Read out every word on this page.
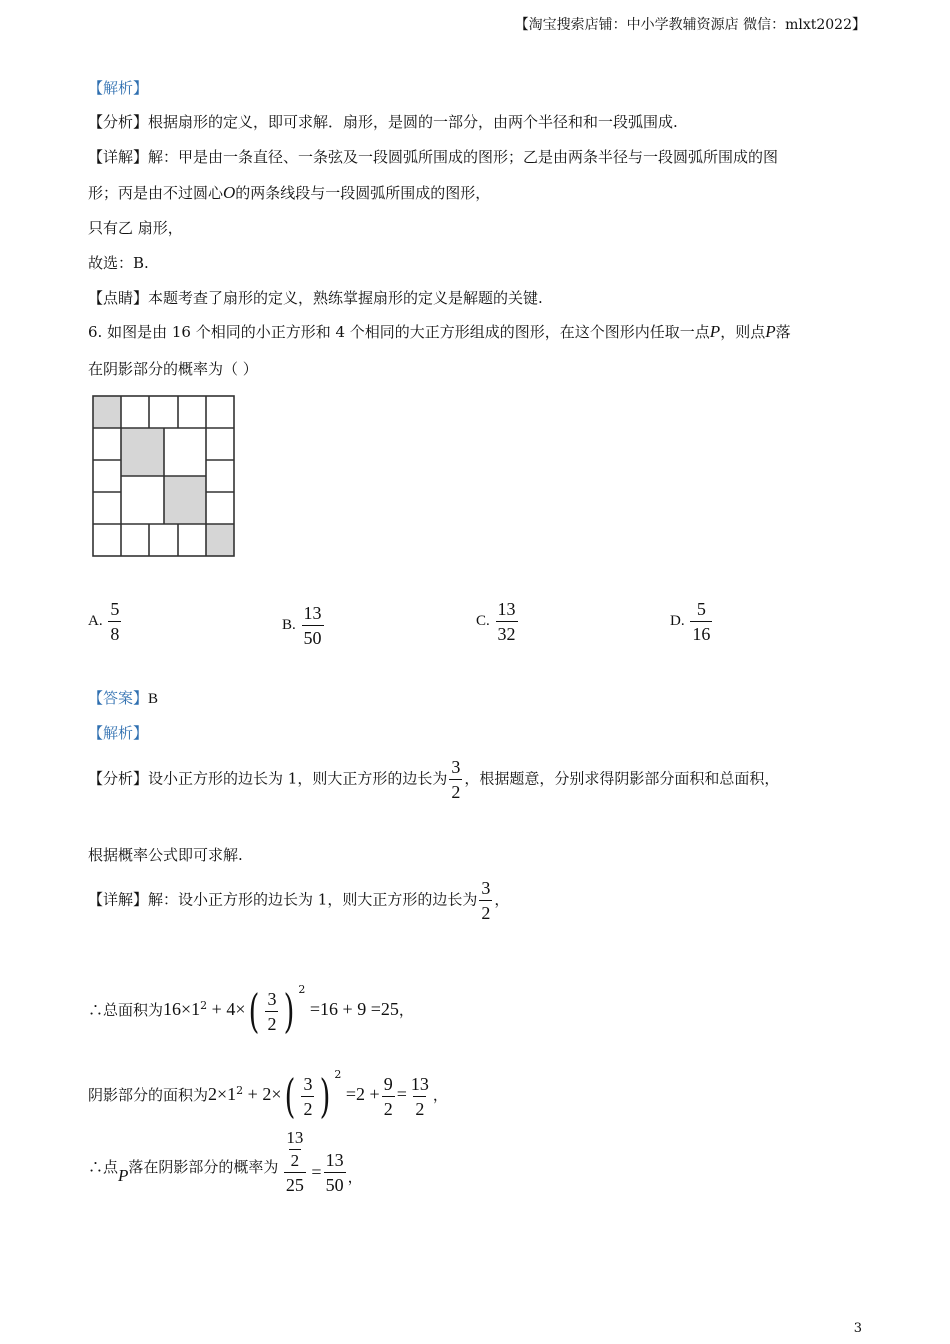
【淘宝搜索店铺：中小学教辅资源店 微信：mlxt2022】
【解析】
【分析】根据扇形的定义，即可求解．扇形，是圆的一部分，由两个半径和和一段弧围成.
【详解】解：甲是由一条直径、一条弦及一段圆弧所围成的图形；乙是由两条半径与一段圆弧所围成的图
形；丙是由不过圆心O的两条线段与一段圆弧所围成的图形，
只有乙 扇形，
故选：B.
【点睛】本题考查了扇形的定义，熟练掌握扇形的定义是解题的关键.
6. 如图是由 16 个相同的小正方形和 4 个相同的大正方形组成的图形，在这个图形内任取一点P，则点P落
在阴影部分的概率为（ ）
A. $\frac{5}{8}$	B. $\frac{13}{50}$	C. $\frac{13}{32}$	D. $\frac{5}{16}$
【答案】B
【解析】
【分析】设小正方形的边长为 1，则大正方形的边长为 $\frac{3}{2}$ ，根据题意，分别求得阴影部分面积和总面积，
根据概率公式即可求解.
【详解】解：设小正方形的边长为 1，则大正方形的边长为 $\frac{3}{2}$ ，
∴总面积为$16\times 1^2 + 4\times( \frac{3}{2}$ ) $^2$ =16 + 9 =25，
阴影部分的面积为$2\times 1^2 + 2\times( \frac{3}{2}$ ) $^2 =2 + \frac{9}{2} = \frac{13}{2}$ ，
∴点 P 落在阴影部分的概率为 $\frac{\frac{13}{2}}{25} = \frac{13}{50}$ ，
3
